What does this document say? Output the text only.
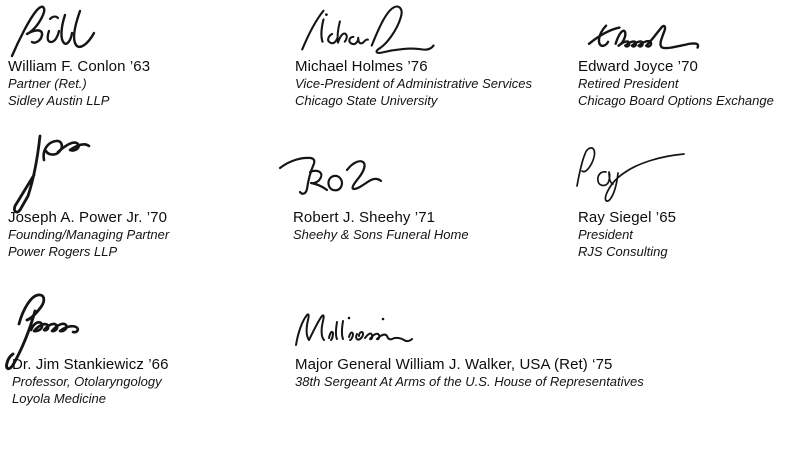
William F. Conlon ’63
Partner (Ret.)
Sidley Austin LLP
Michael Holmes ’76
Vice-President of Administrative Services
Chicago State University
Edward Joyce ’70
Retired President
Chicago Board Options Exchange
Joseph A. Power Jr. ’70
Founding/Managing Partner
Power Rogers LLP
Robert J. Sheehy ’71
Sheehy & Sons Funeral Home
Ray Siegel ’65
President
RJS Consulting
Dr. Jim Stankiewicz ’66
Professor, Otolaryngology
Loyola Medicine
Major General William J. Walker, USA (Ret) ‘75
38th Sergeant At Arms of the U.S. House of Representatives
